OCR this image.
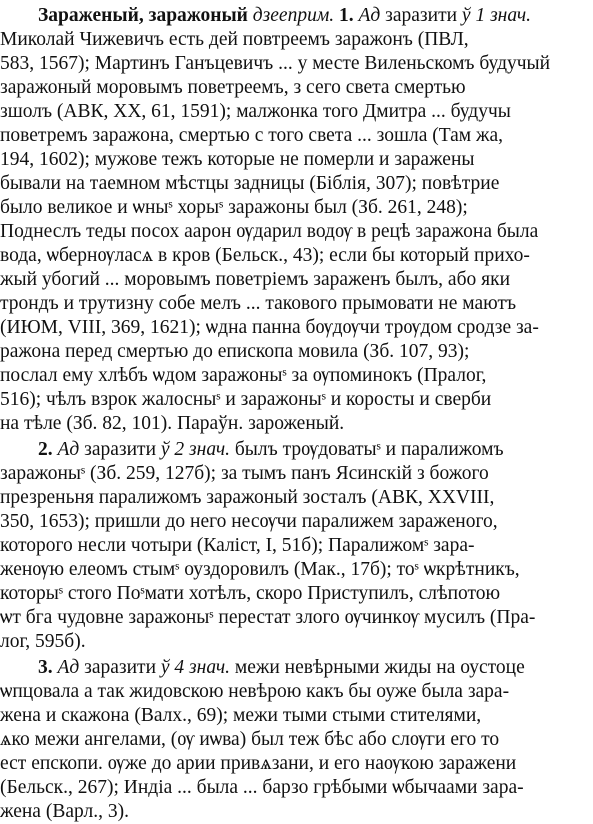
Зараженый, заражоный дзеeприм. 1. Ад заразити ў 1 знач.
Миколай Чижевичъ есть дей повтреемъ заражонъ (ПВЛ,
583, 1567); Мартинъ Ганъцевичъ ... у месте Виленьскомъ будучый
заражоный моровымъ поветреемъ, з сего света смертью
зшолъ (АВК, XX, 61, 1591); малжонка того Дмитра ... будучы
поветремъ заражона, смертью с того света ... зошла (Там жа,
194, 1602); мужове тежъ которые не померли и заражены
бывали на таемном мѣстцы задницы (Бiблiя, 307); повѣтрие
было великое и ѡныˢ хорыˢ заражоны был (Зб. 261, 248);
Поднеслъ теды посох аарон ѹдарил водѹ в рецѣ заражона была
вода, ѡбернѹласѧ в кров (Бельск., 43); если бы который прихо-
жый убогий ... моровымъ поветріемъ зараженъ былъ, або яки
трондъ и трутизну собе мелъ ... такового прымовати не маютъ
(ИЮМ, VIII, 369, 1621); ѡдна панна бѹдѹчи трѹдом сродзе за-
ражона перед смертью до епископа мовила (Зб. 107, 93);
послал ему хлѣбъ ѡдом заражоныˢ за ѹпоминокъ (Пралог,
516); чѣлъ взрок жалосныˢ и заражоныˢ и коросты и сверби
на тѣле (Зб. 82, 101). Параўн. зароженый.
2. Ад заразити ў 2 знач. былъ трѹдоватыˢ и паралижомъ
заражоныˢ (Зб. 259, 127б); за тымъ панъ Ясинскій з божого
презреньня паралижомъ заражоный зосталъ (АВК, XXVIII,
350, 1653); пришли до него несѹчи паралижем зараженого,
которого несли чотыри (Калiст, I, 51б); Паралижомˢ зара-
женѹю елеомъ стымˢ оуздоровилъ (Мак., 17б); тоˢ ѡкрѣтникъ,
которыˢ стого Поˢмати хотѣлъ, скоро Приступилъ, слѣпотою
ѡт бга чудовне заражоныˢ перестат злого ѹчинкѹ мусилъ (Пра-
лог, 595б).
3. Ад заразити ў 4 знач. межи невѣрными жиды на оустоце
ѡпцовала а так жидовскою невѣрою какъ бы оуже была зара-
жена и скажона (Валх., 69); межи тыми стыми стителями,
ѧко межи ангелами, (ѹ иѡва) был теж бѣс або слѹги его то
ест епскопи. ѹже до арии привѧзани, и его наѹкою заражени
(Бельск., 267); Индiа ... была ... барзо грѣбыми ѡбычаами зара-
жена (Варл., 3).
